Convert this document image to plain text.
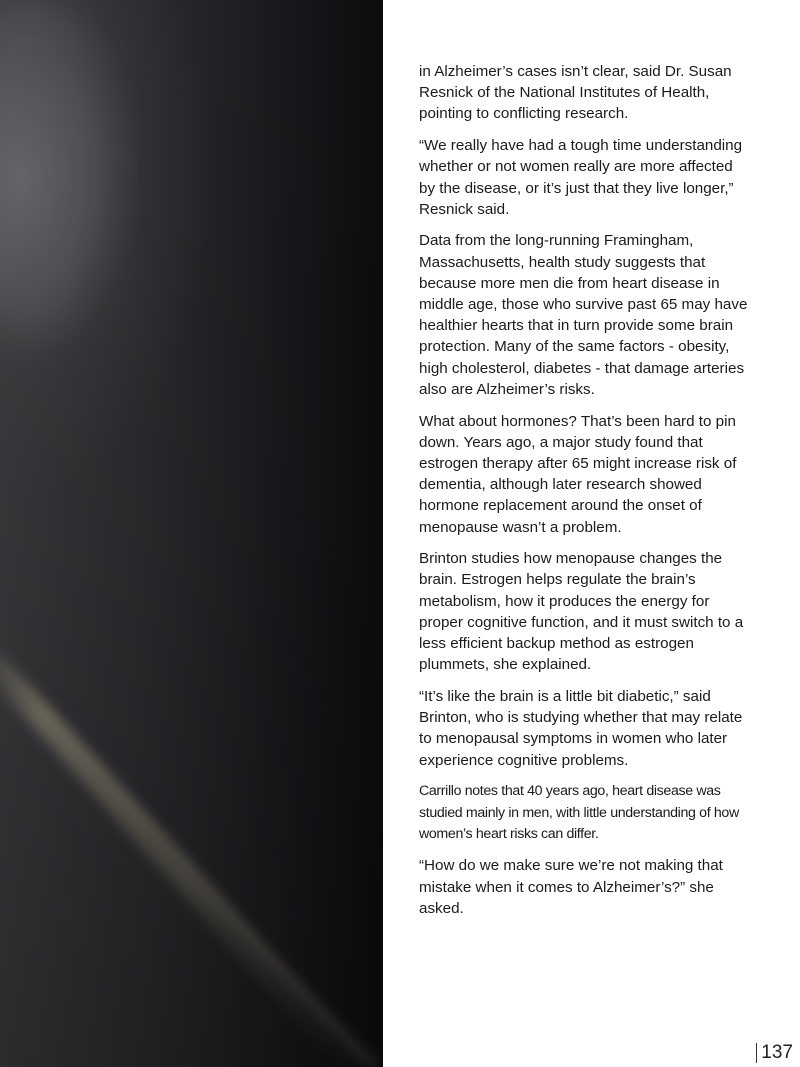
in Alzheimer’s cases isn’t clear, said Dr. Susan Resnick of the National Institutes of Health, pointing to conflicting research.

“We really have had a tough time understanding whether or not women really are more affected by the disease, or it’s just that they live longer,” Resnick said.

Data from the long-running Framingham, Massachusetts, health study suggests that because more men die from heart disease in middle age, those who survive past 65 may have healthier hearts that in turn provide some brain protection. Many of the same factors - obesity, high cholesterol, diabetes - that damage arteries also are Alzheimer’s risks.

What about hormones? That’s been hard to pin down. Years ago, a major study found that estrogen therapy after 65 might increase risk of dementia, although later research showed hormone replacement around the onset of menopause wasn’t a problem.

Brinton studies how menopause changes the brain. Estrogen helps regulate the brain’s metabolism, how it produces the energy for proper cognitive function, and it must switch to a less efficient backup method as estrogen plummets, she explained.

“It’s like the brain is a little bit diabetic,” said Brinton, who is studying whether that may relate to menopausal symptoms in women who later experience cognitive problems.

Carrillo notes that 40 years ago, heart disease was studied mainly in men, with little understanding of how women’s heart risks can differ.

“How do we make sure we’re not making that mistake when it comes to Alzheimer’s?” she asked.

137
